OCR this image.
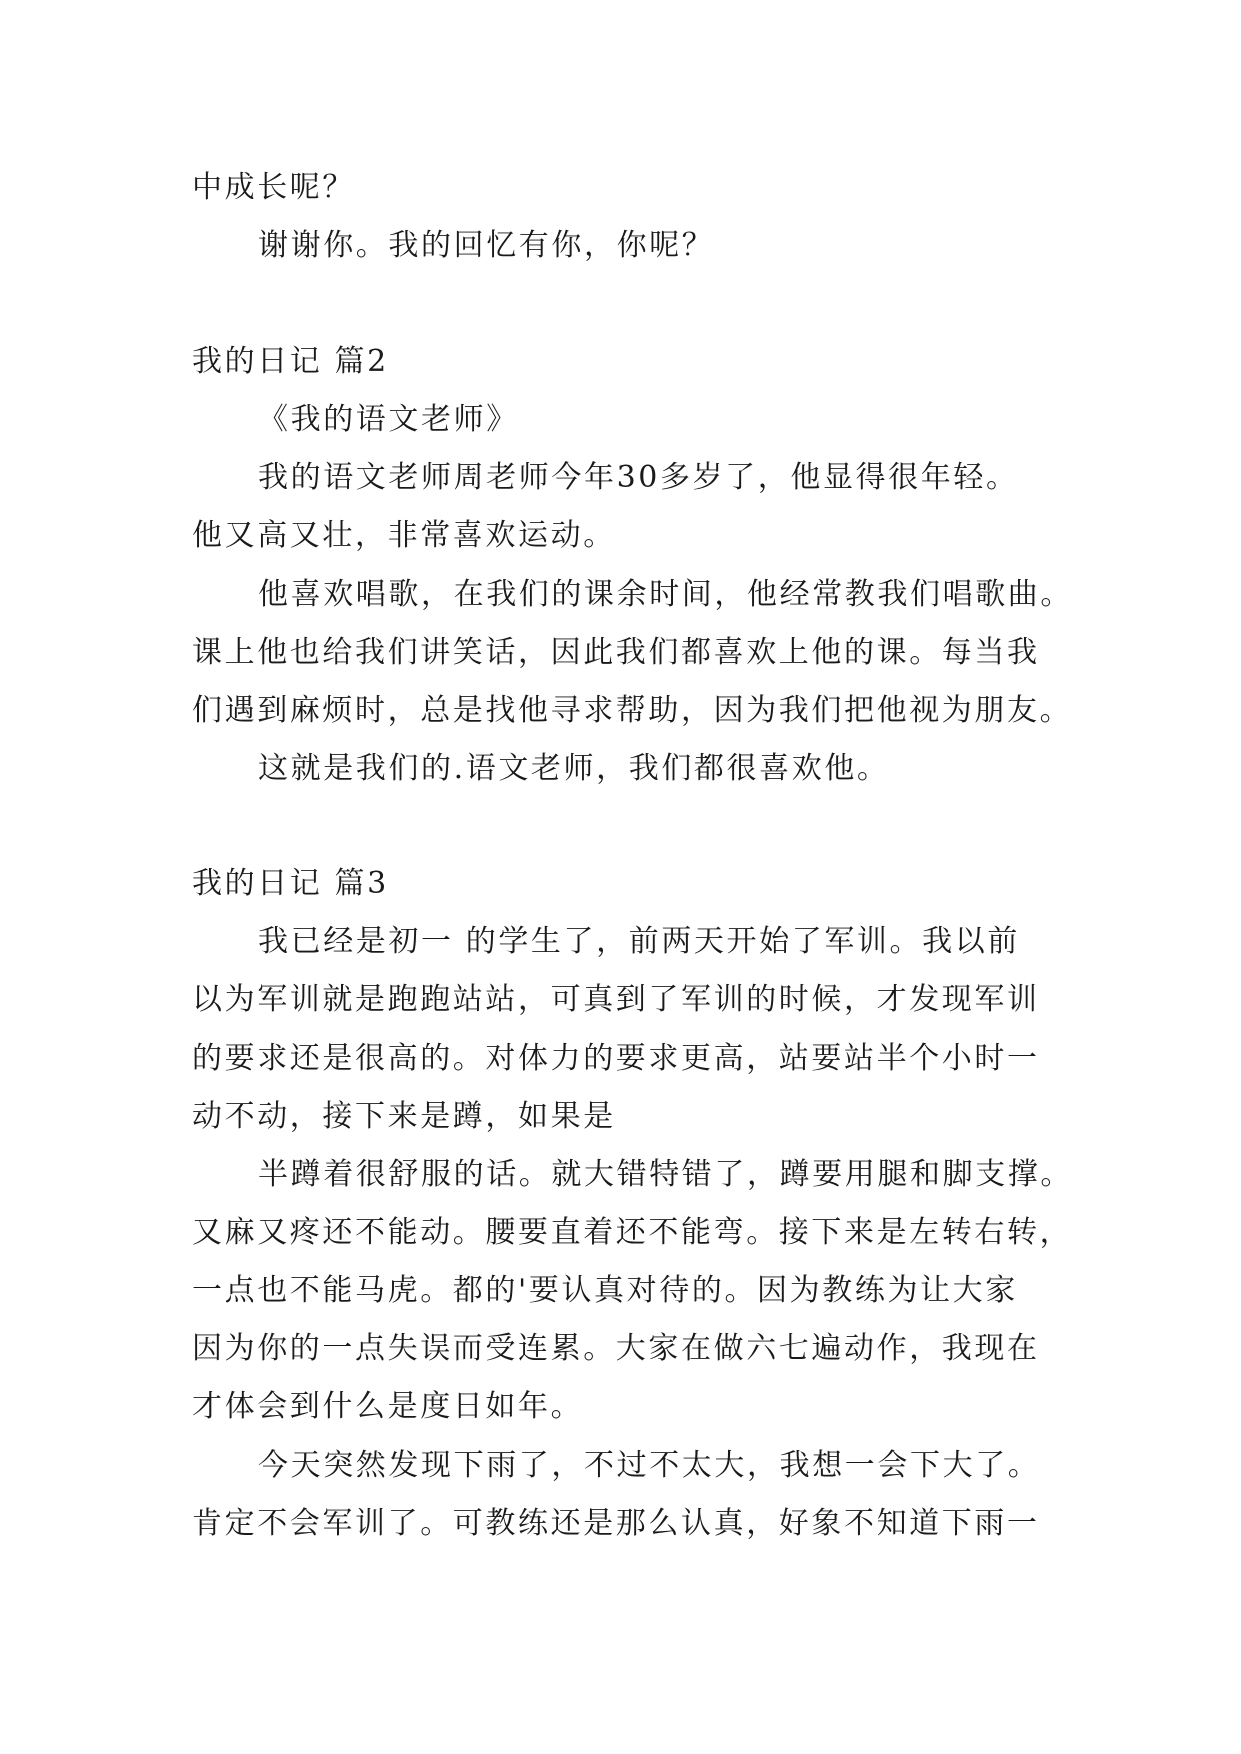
中成长呢？
谢谢你。我的回忆有你，你呢？
我的日记 篇2
《我的语文老师》
我的语文老师周老师今年30多岁了，他显得很年轻。
他又高又壮，非常喜欢运动。
他喜欢唱歌，在我们的课余时间，他经常教我们唱歌曲。
课上他也给我们讲笑话，因此我们都喜欢上他的课。每当我
们遇到麻烦时，总是找他寻求帮助，因为我们把他视为朋友。
这就是我们的.语文老师，我们都很喜欢他。
我的日记 篇3
我已经是初一 的学生了，前两天开始了军训。我以前
以为军训就是跑跑站站，可真到了军训的时候，才发现军训
的要求还是很高的。对体力的要求更高，站要站半个小时一
动不动，接下来是蹲，如果是
半蹲着很舒服的话。就大错特错了，蹲要用腿和脚支撑。
又麻又疼还不能动。腰要直着还不能弯。接下来是左转右转，
一点也不能马虎。都的'要认真对待的。因为教练为让大家
因为你的一点失误而受连累。大家在做六七遍动作，我现在
才体会到什么是度日如年。
今天突然发现下雨了，不过不太大，我想一会下大了。
肯定不会军训了。可教练还是那么认真，好象不知道下雨一
